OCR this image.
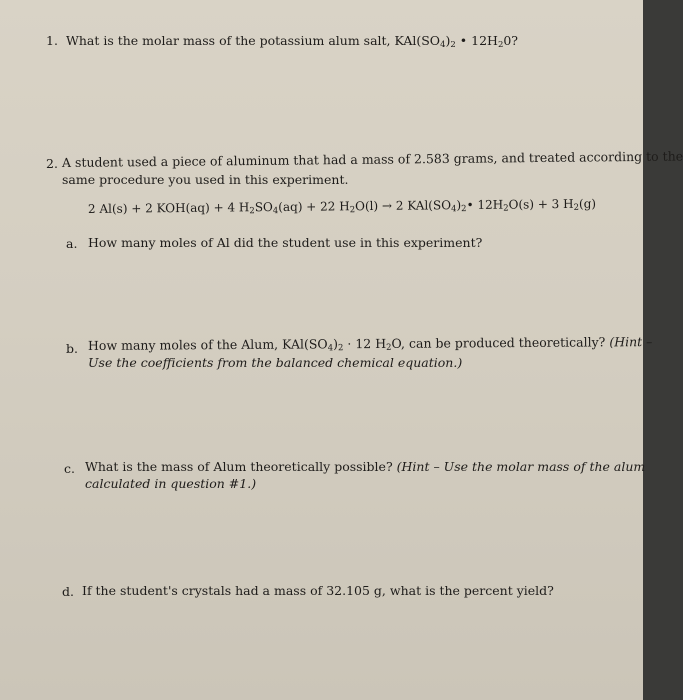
1. What is the molar mass of the potassium alum salt, $KAl(SO_4)_2$ • $12H_20$?
2. A student used a piece of aluminum that had a mass of 2.583 grams, and treated according to the
same procedure you used in this experiment.
2 Al(s) + 2 KOH(aq) + 4 $H_2SO_4(aq) + 22$ $H_2O(l) \to 2$ $KAl(SO_4)_2•$ $12H_2O(s) + 3$ $H_2(g)$
a. How many moles of Al did the student use in this experiment?
b. How many moles of the Alum, $KAl(SO_4)_2 \cdot 12$ $H_2O$, can be produced theoretically? (Hint –
Use the coefficients from the balanced chemical equation.)
c. What is the mass of Alum theoretically possible? (Hint – Use the molar mass of the alum
calculated in question #1.)
d. If the student's crystals had a mass of 32.105 g, what is the percent yield?
